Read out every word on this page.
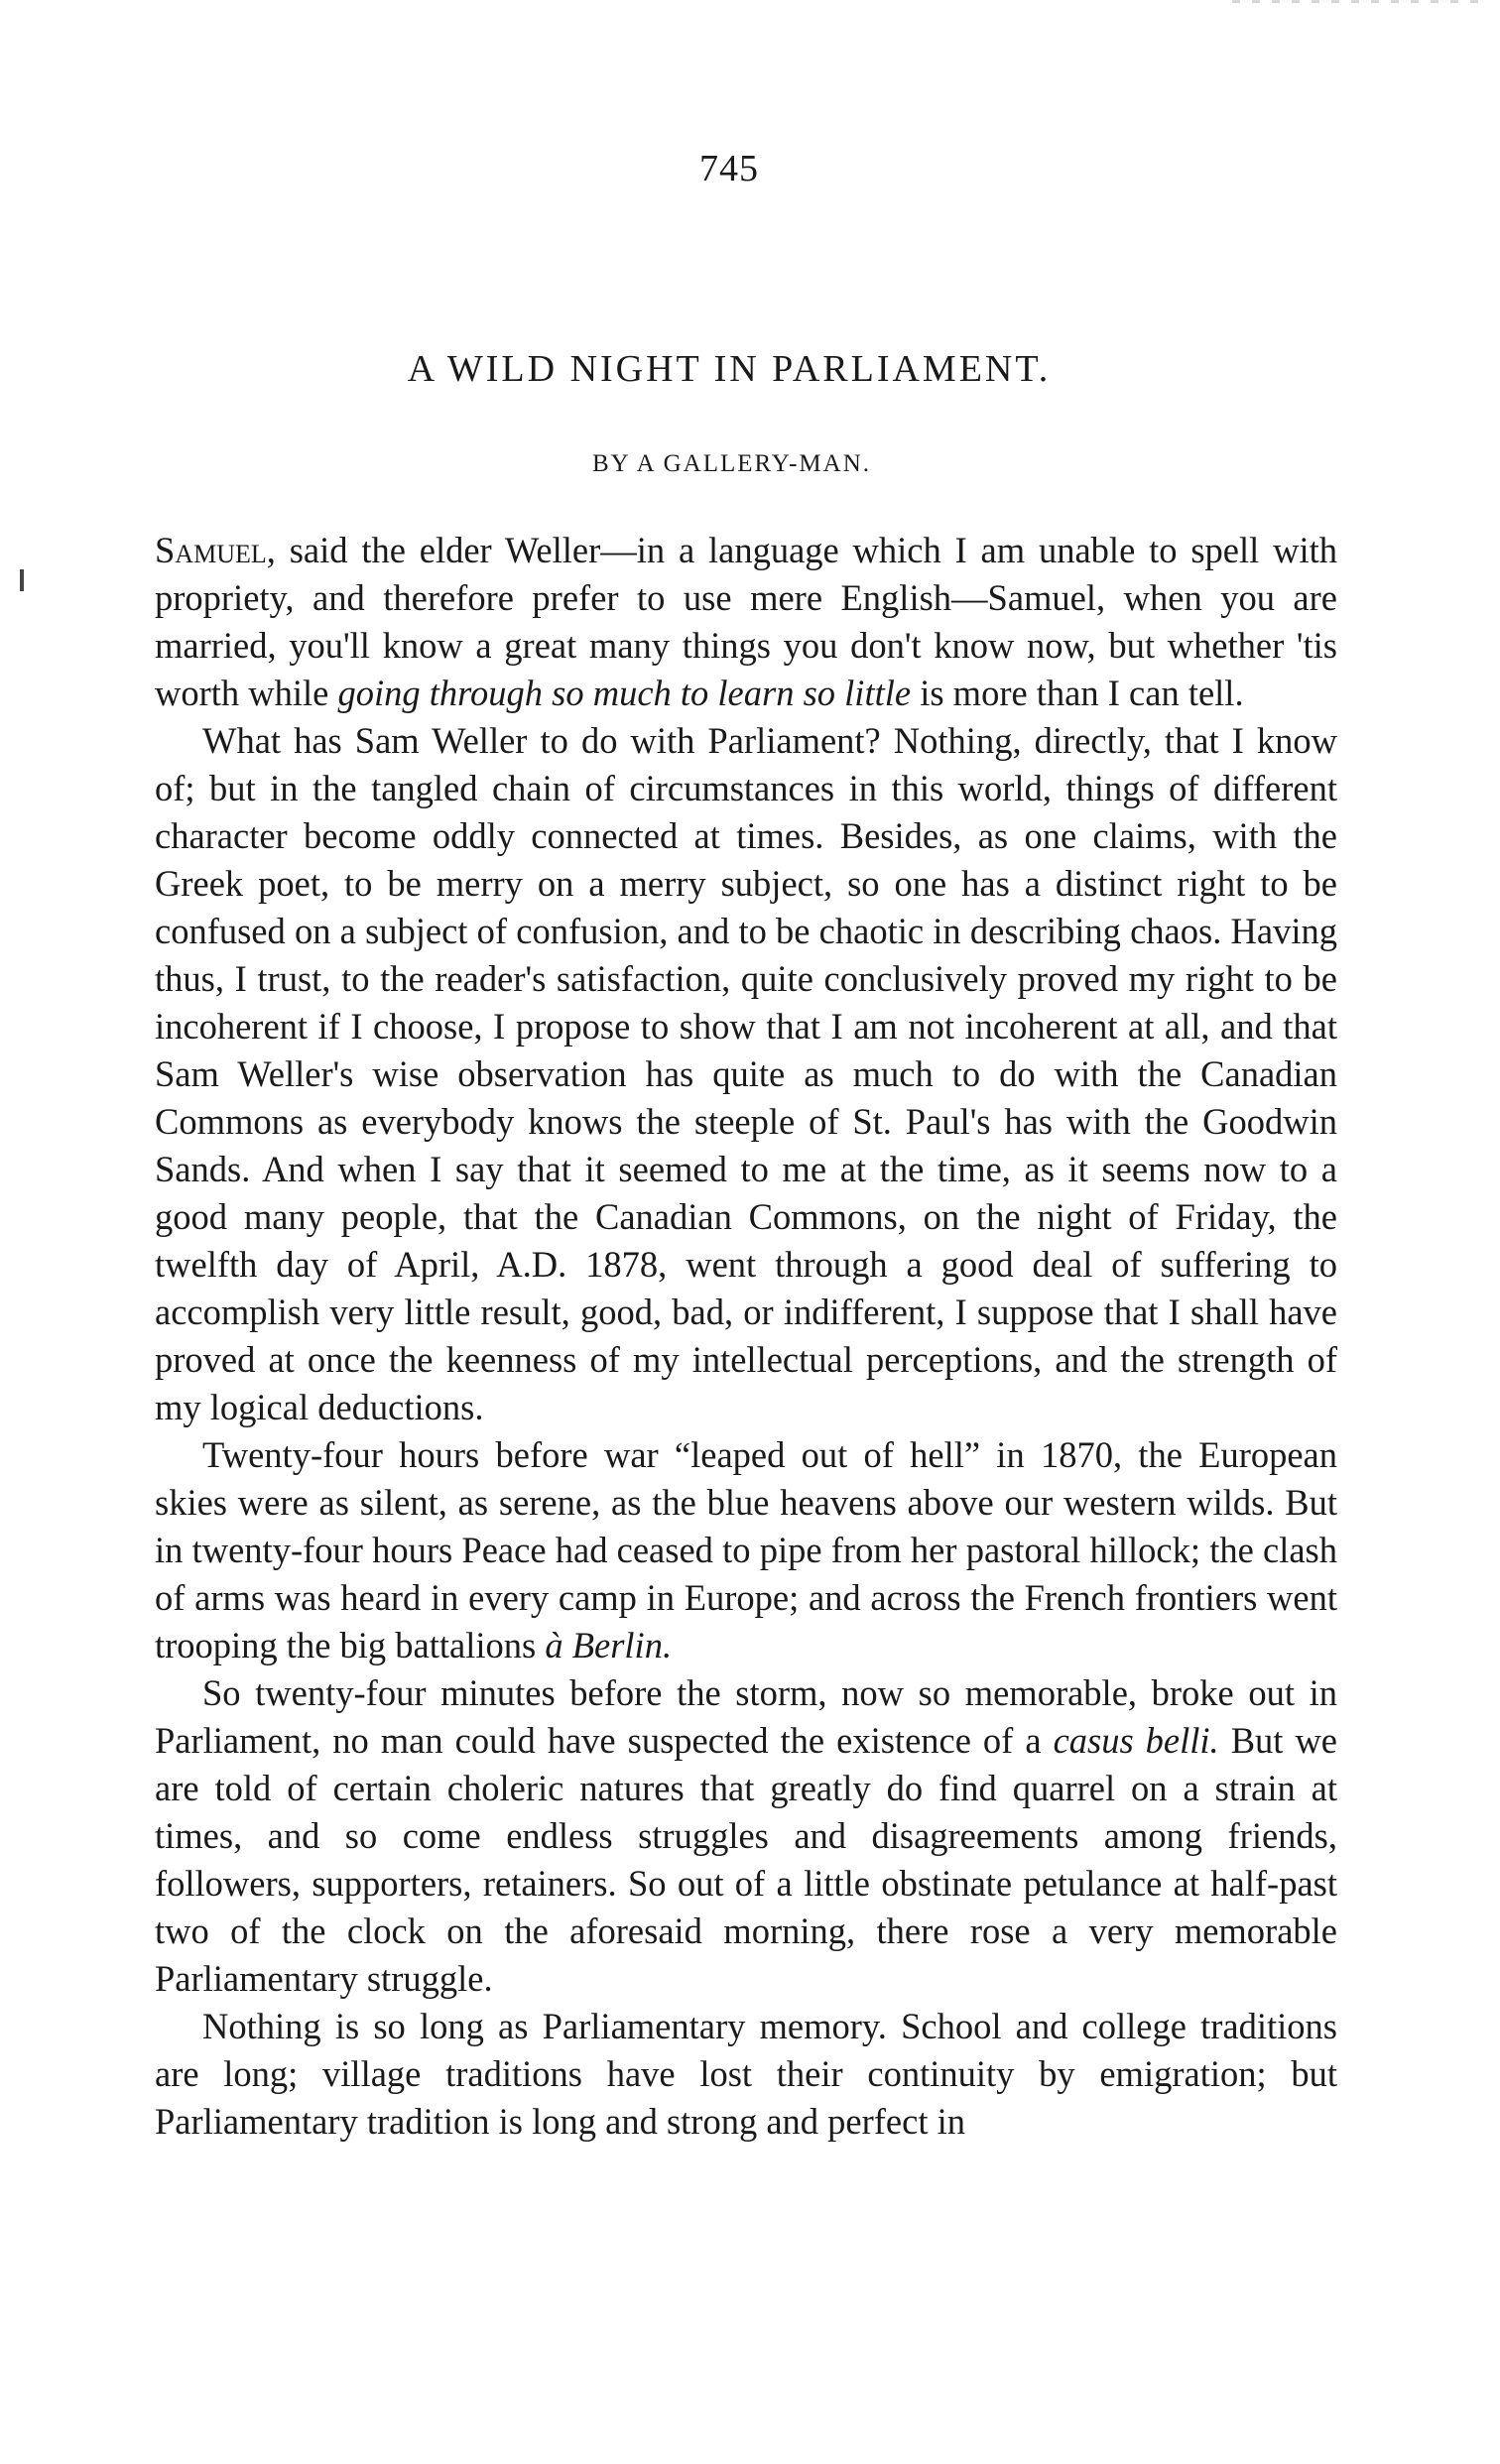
745
A WILD NIGHT IN PARLIAMENT.
BY A GALLERY-MAN.

Samuel, said the elder Weller—in a language which I am unable to spell with propriety, and therefore prefer to use mere English—Samuel, when you are married, you'll know a great many things you don't know now, but whether 'tis worth while going through so much to learn so little is more than I can tell.

What has Sam Weller to do with Parliament? Nothing, directly, that I know of; but in the tangled chain of circumstances in this world, things of different character become oddly connected at times. Besides, as one claims, with the Greek poet, to be merry on a merry subject, so one has a distinct right to be confused on a subject of confusion, and to be chaotic in describing chaos. Having thus, I trust, to the reader's satisfaction, quite conclusively proved my right to be incoherent if I choose, I propose to show that I am not incoherent at all, and that Sam Weller's wise observation has quite as much to do with the Canadian Commons as everybody knows the steeple of St. Paul's has with the Goodwin Sands. And when I say that it seemed to me at the time, as it seems now to a good many people, that the Canadian Commons, on the night of Friday, the twelfth day of April, A.D. 1878, went through a good deal of suffering to accomplish very little result, good, bad, or indifferent, I suppose that I shall have proved at once the keenness of my intellectual perceptions, and the strength of my logical deductions.

Twenty-four hours before war “leaped out of hell” in 1870, the European skies were as silent, as serene, as the blue heavens above our western wilds. But in twenty-four hours Peace had ceased to pipe from her pastoral hillock; the clash of arms was heard in every camp in Europe; and across the French frontiers went trooping the big battalions à Berlin.

So twenty-four minutes before the storm, now so memorable, broke out in Parliament, no man could have suspected the existence of a casus belli. But we are told of certain choleric natures that greatly do find quarrel on a strain at times, and so come endless struggles and disagreements among friends, followers, supporters, retainers. So out of a little obstinate petulance at half-past two of the clock on the aforesaid morning, there rose a very memorable Parliamentary struggle.

Nothing is so long as Parliamentary memory. School and college traditions are long; village traditions have lost their continuity by emigration; but Parliamentary tradition is long and strong and perfect in
